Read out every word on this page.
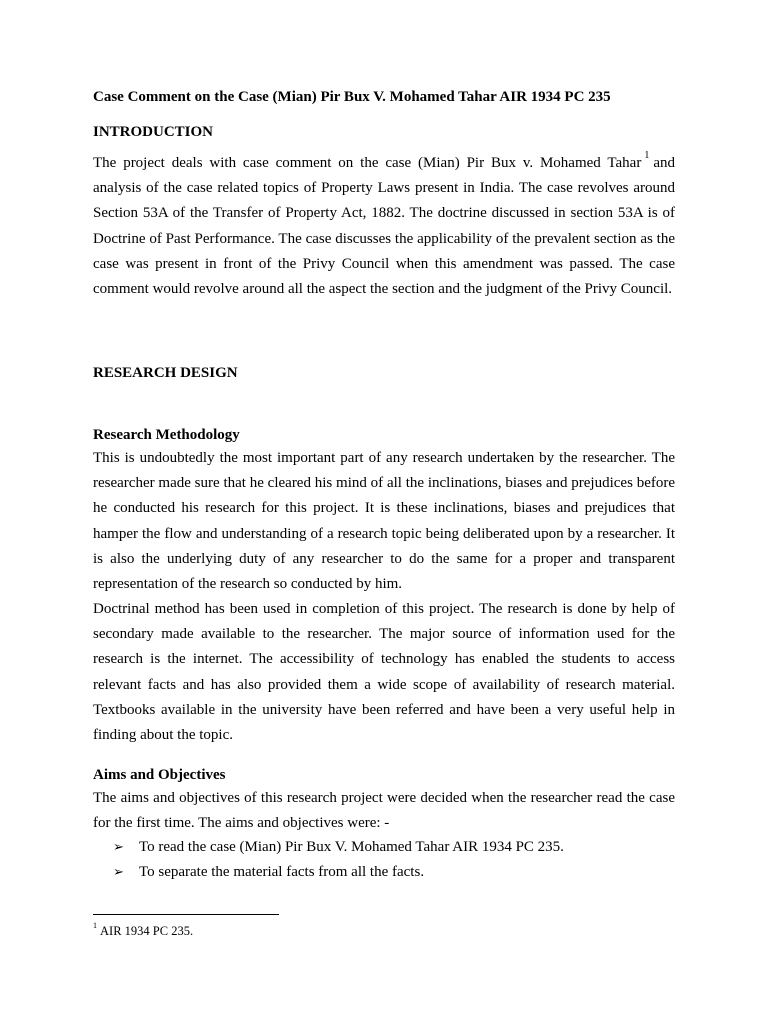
Case Comment on the Case (Mian) Pir Bux V. Mohamed Tahar AIR 1934 PC 235
INTRODUCTION
The project deals with case comment on the case (Mian) Pir Bux v. Mohamed Tahar $^1$ and analysis of the case related topics of Property Laws present in India. The case revolves around Section 53A of the Transfer of Property Act, 1882. The doctrine discussed in section 53A is of Doctrine of Past Performance. The case discusses the applicability of the prevalent section as the case was present in front of the Privy Council when this amendment was passed. The case comment would revolve around all the aspect the section and the judgment of the Privy Council.
RESEARCH DESIGN
Research Methodology
This is undoubtedly the most important part of any research undertaken by the researcher. The researcher made sure that he cleared his mind of all the inclinations, biases and prejudices before he conducted his research for this project. It is these inclinations, biases and prejudices that hamper the flow and understanding of a research topic being deliberated upon by a researcher. It is also the underlying duty of any researcher to do the same for a proper and transparent representation of the research so conducted by him.
Doctrinal method has been used in completion of this project. The research is done by help of secondary made available to the researcher. The major source of information used for the research is the internet. The accessibility of technology has enabled the students to access relevant facts and has also provided them a wide scope of availability of research material. Textbooks available in the university have been referred and have been a very useful help in finding about the topic.
Aims and Objectives
The aims and objectives of this research project were decided when the researcher read the case for the first time. The aims and objectives were: -
➢ To read the case (Mian) Pir Bux V. Mohamed Tahar AIR 1934 PC 235.
➢ To separate the material facts from all the facts.
$^1$ AIR 1934 PC 235.
